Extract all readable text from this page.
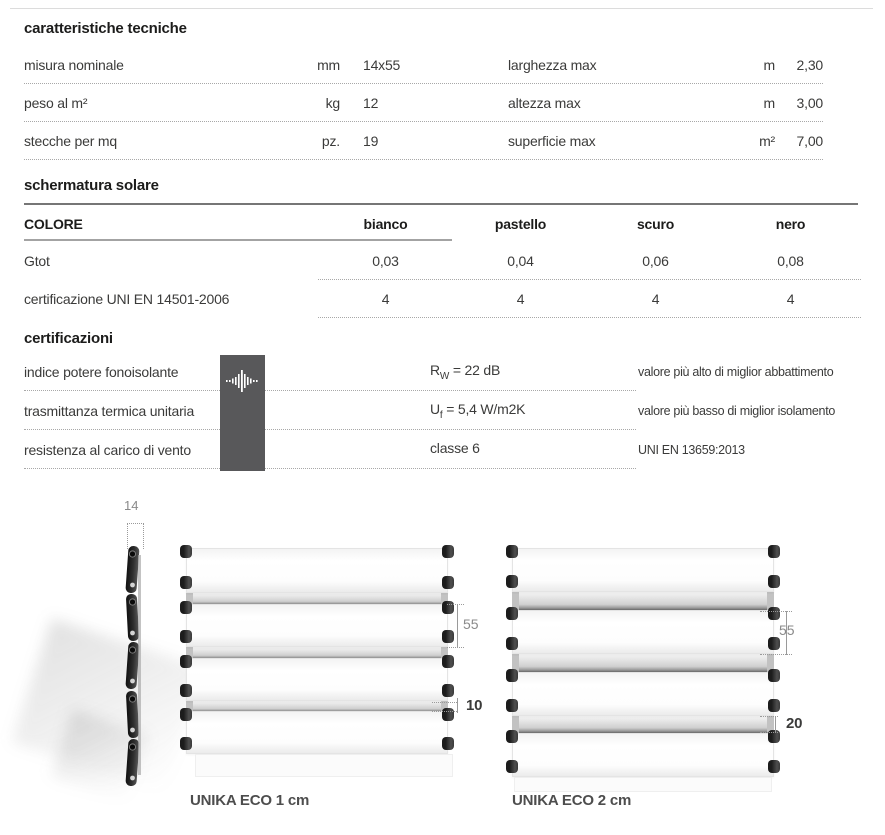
caratteristiche tecniche
misura nominale	mm 14x55	larghezza max	m	2,30
peso al m²	kg 12	altezza max	m	3,00
stecche per mq	pz. 19	superficie max	m²	7,00
schermatura solare
COLORE	bianco	pastello	scuro	nero
Gtot	0,03	0,04	0,06	0,08
certificazione UNI EN 14501-2006	4	4	4	4
certificazioni
indice potere fonoisolante	$R_W = 22$ dB	valore più alto di miglior abbattimento
trasmittanza termica unitaria	$U_f = 5,4$ W/m2K	valore più basso di miglior isolamento
resistenza al carico di vento	classe 6	UNI EN 13659:2013
14
55
10
55
20
UNIKA ECO 1 cm	UNIKA ECO 2 cm
